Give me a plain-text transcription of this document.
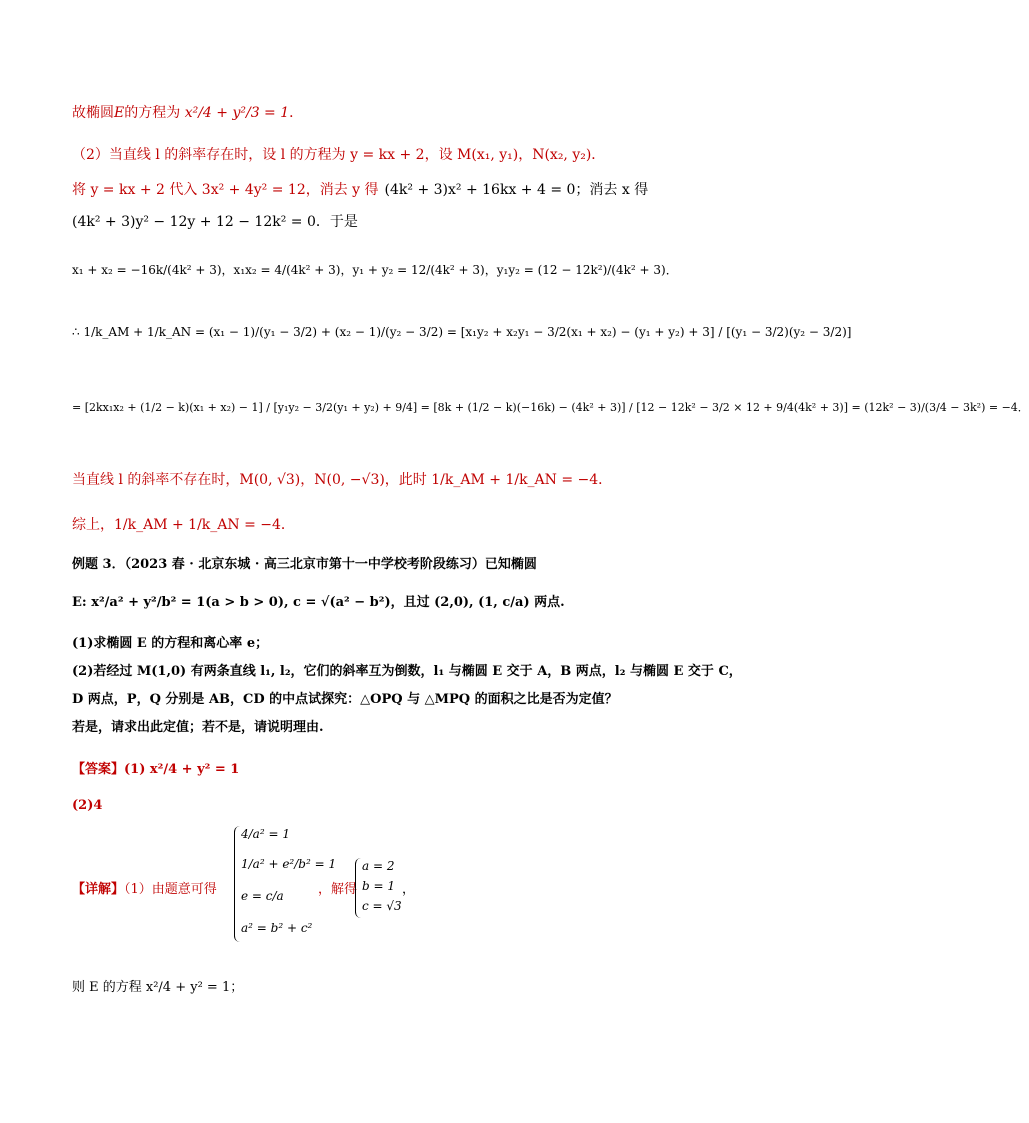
故椭圆E的方程为 x²/4 + y²/3 = 1．
（2）当直线 l 的斜率存在时，设 l 的方程为 y = kx + 2，设 M(x₁, y₁)，N(x₂, y₂)．
将 y = kx + 2 代入 3x² + 4y² = 12，消去 y 得 (4k² + 3)x² + 16kx + 4 = 0；消去 x 得
(4k² + 3)y² − 12y + 12 − 12k² = 0．于是
x₁ + x₂ = −16k/(4k² + 3)，x₁x₂ = 4/(4k² + 3)，y₁ + y₂ = 12/(4k² + 3)，y₁y₂ = (12 − 12k²)/(4k² + 3)．
∴ 1/k_AM + 1/k_AN = (x₁ − 1)/(y₁ − 3/2) + (x₂ − 1)/(y₂ − 3/2) = [x₁y₂ + x₂y₁ − 3/2(x₁ + x₂) − (y₁ + y₂) + 3] / [(y₁ − 3/2)(y₂ − 3/2)]
= [2kx₁x₂ + (1/2 − k)(x₁ + x₂) − 1] / [y₁y₂ − 3/2(y₁ + y₂) + 9/4] = [8k + (1/2 − k)(−16k) − (4k² + 3)] / [12 − 12k² − 3/2 × 12 + 9/4(4k² + 3)] = (12k² − 3)/(3/4 − 3k²) = −4．
当直线 l 的斜率不存在时，M(0, √3)，N(0, −√3)，此时 1/k_AM + 1/k_AN = −4．
综上，1/k_AM + 1/k_AN = −4．
例题 3．（2023 春 · 北京东城 · 高三北京市第十一中学校考阶段练习）已知椭圆
E: x²/a² + y²/b² = 1(a > b > 0), c = √(a² − b²)，且过 (2,0), (1, c/a) 两点.
(1)求椭圆 E 的方程和离心率 e；
(2)若经过 M(1,0) 有两条直线 l₁, l₂，它们的斜率互为倒数，l₁ 与椭圆 E 交于 A，B 两点，l₂ 与椭圆 E 交于 C，
D 两点，P，Q 分别是 AB，CD 的中点试探究：△OPQ 与 △MPQ 的面积之比是否为定值？
若是，请求出此定值；若不是，请说明理由.
【答案】(1) x²/4 + y² = 1
(2)4
【详解】（1）由题意可得
4/a² = 1
1/a² + e²/b² = 1
e = c/a
a² = b² + c²
，解得
a = 2
b = 1
c = √3
，
则 E 的方程 x²/4 + y² = 1；
